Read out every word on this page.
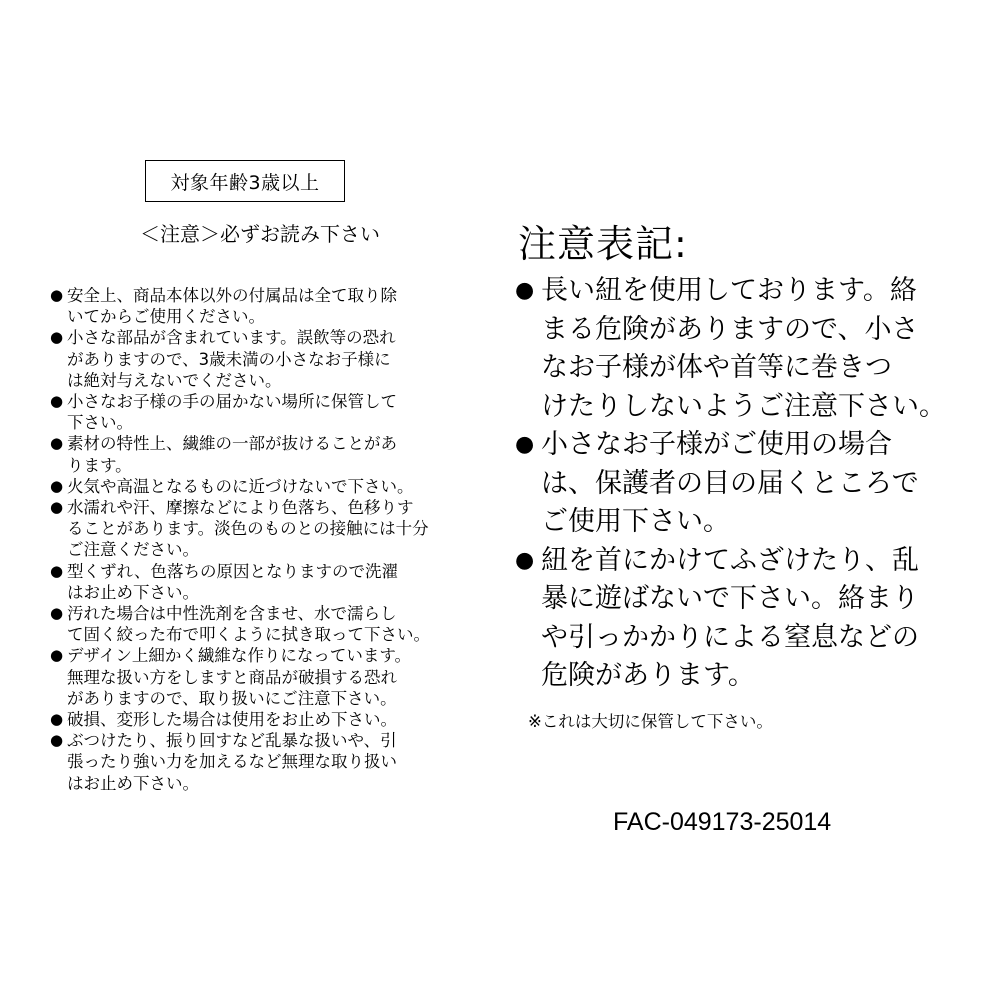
対象年齢3歳以上
＜注意＞必ずお読み下さい
● 安全上、商品本体以外の付属品は全て取り除
いてからご使用ください。
● 小さな部品が含まれています。誤飲等の恐れ
がありますので、3歳未満の小さなお子様に
は絶対与えないでください。
● 小さなお子様の手の届かない場所に保管して
下さい。
● 素材の特性上、繊維の一部が抜けることがあ
ります。
● 火気や高温となるものに近づけないで下さい。
● 水濡れや汗、摩擦などにより色落ち、色移りす
ることがあります。淡色のものとの接触には十分
ご注意ください。
● 型くずれ、色落ちの原因となりますので洗濯
はお止め下さい。
● 汚れた場合は中性洗剤を含ませ、水で濡らし
て固く絞った布で叩くように拭き取って下さい。
● デザイン上細かく繊維な作りになっています。
無理な扱い方をしますと商品が破損する恐れ
がありますので、取り扱いにご注意下さい。
● 破損、変形した場合は使用をお止め下さい。
● ぶつけたり、振り回すなど乱暴な扱いや、引
張ったり強い力を加えるなど無理な取り扱い
はお止め下さい。
注意表記:
● 長い紐を使用しております。絡
まる危険がありますので、小さ
なお子様が体や首等に巻きつ
けたりしないようご注意下さい。
● 小さなお子様がご使用の場合
は、保護者の目の届くところで
ご使用下さい。
● 紐を首にかけてふざけたり、乱
暴に遊ばないで下さい。絡まり
や引っかかりによる窒息などの
危険があります。
※これは大切に保管して下さい。
FAC-049173-25014
